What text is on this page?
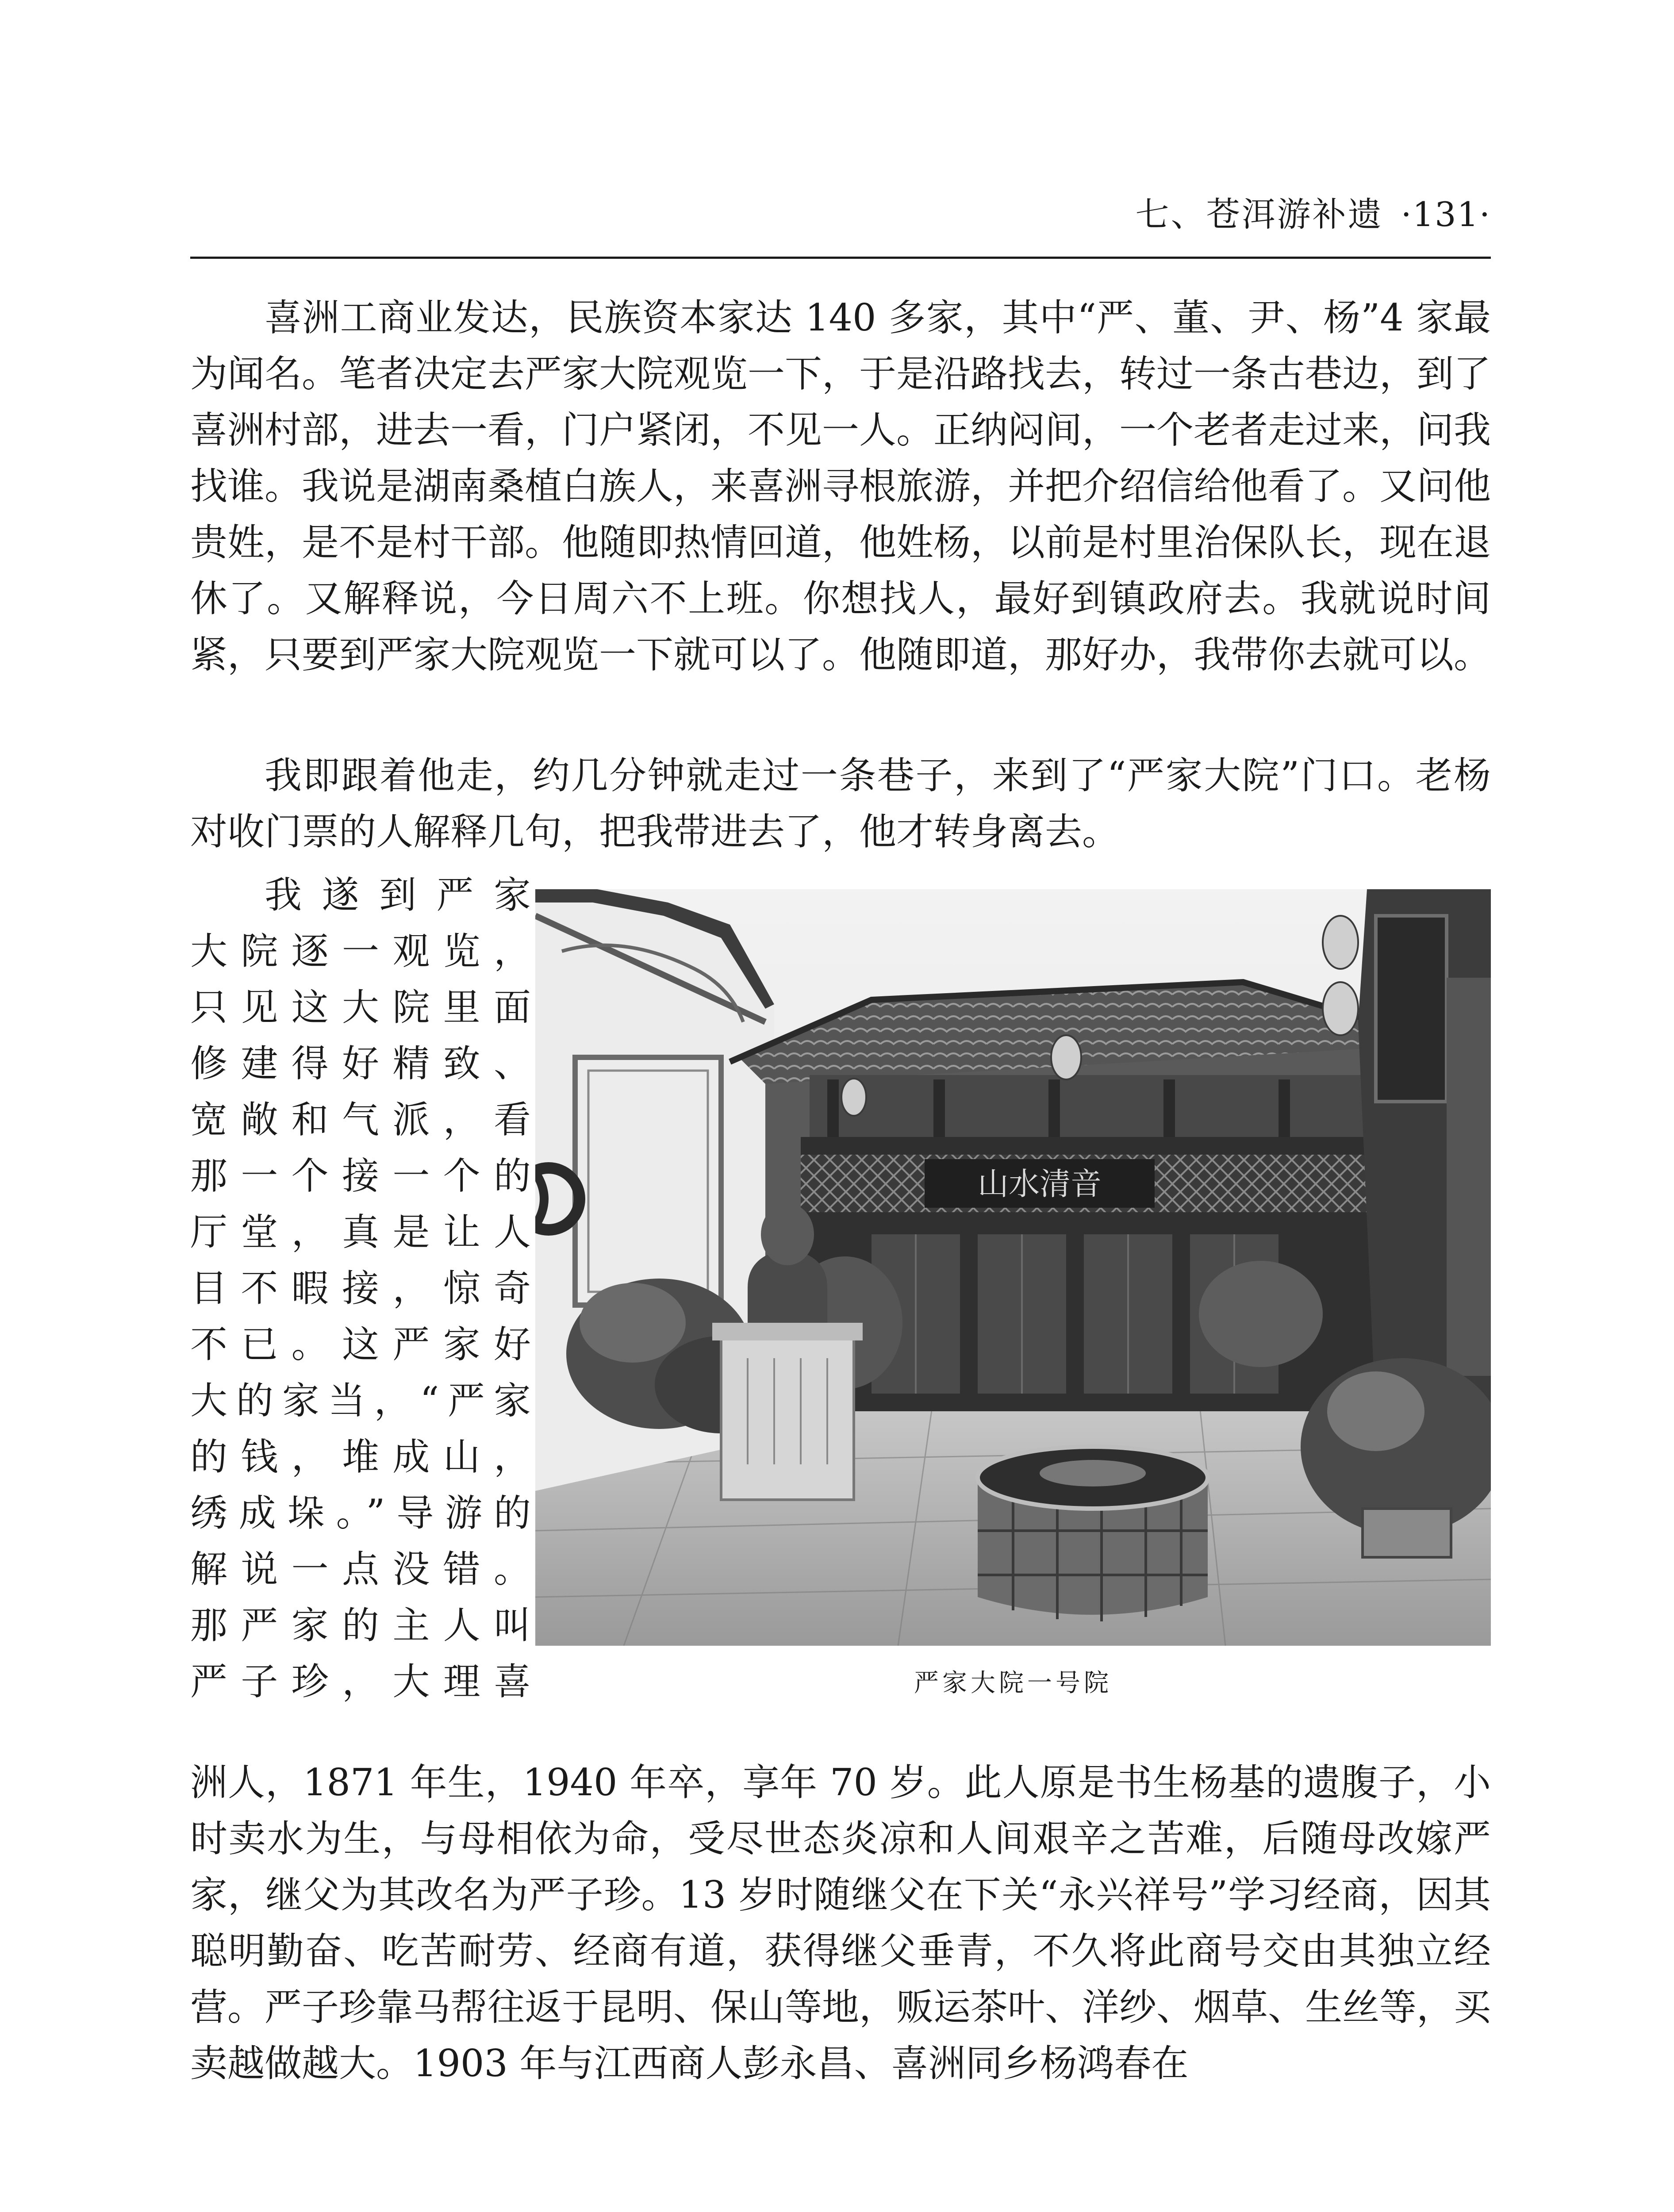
七、苍洱游补遗 ·131·

喜洲工商业发达，民族资本家达 140 多家，其中“严、董、尹、杨”4 家最为闻名。笔者决定去严家大院观览一下，于是沿路找去，转过一条古巷边，到了喜洲村部，进去一看，门户紧闭，不见一人。正纳闷间，一个老者走过来，问我找谁。我说是湖南桑植白族人，来喜洲寻根旅游，并把介绍信给他看了。又问他贵姓，是不是村干部。他随即热情回道，他姓杨，以前是村里治保队长，现在退休了。又解释说，今日周六不上班。你想找人，最好到镇政府去。我就说时间紧，只要到严家大院观览一下就可以了。他随即道，那好办，我带你去就可以。

我即跟着他走，约几分钟就走过一条巷子，来到了“严家大院”门口。老杨对收门票的人解释几句，把我带进去了，他才转身离去。

我遂到严家
大院逐一观览，
只见这大院里面
修建得好精致、
宽敞和气派，看
那一个接一个的
厅堂，真是让人
目不暇接，惊奇
不已。这严家好
大的家当，“严家
的钱，堆成山，
绣成垛。”导游的
解说一点没错。
那严家的主人叫
严子珍，大理喜
山水清音
严家大院一号院

洲人，1871 年生，1940 年卒，享年 70 岁。此人原是书生杨基的遗腹子，小时卖水为生，与母相依为命，受尽世态炎凉和人间艰辛之苦难，后随母改嫁严家，继父为其改名为严子珍。13 岁时随继父在下关“永兴祥号”学习经商，因其聪明勤奋、吃苦耐劳、经商有道，获得继父垂青，不久将此商号交由其独立经营。严子珍靠马帮往返于昆明、保山等地，贩运茶叶、洋纱、烟草、生丝等，买卖越做越大。1903 年与江西商人彭永昌、喜洲同乡杨鸿春在
